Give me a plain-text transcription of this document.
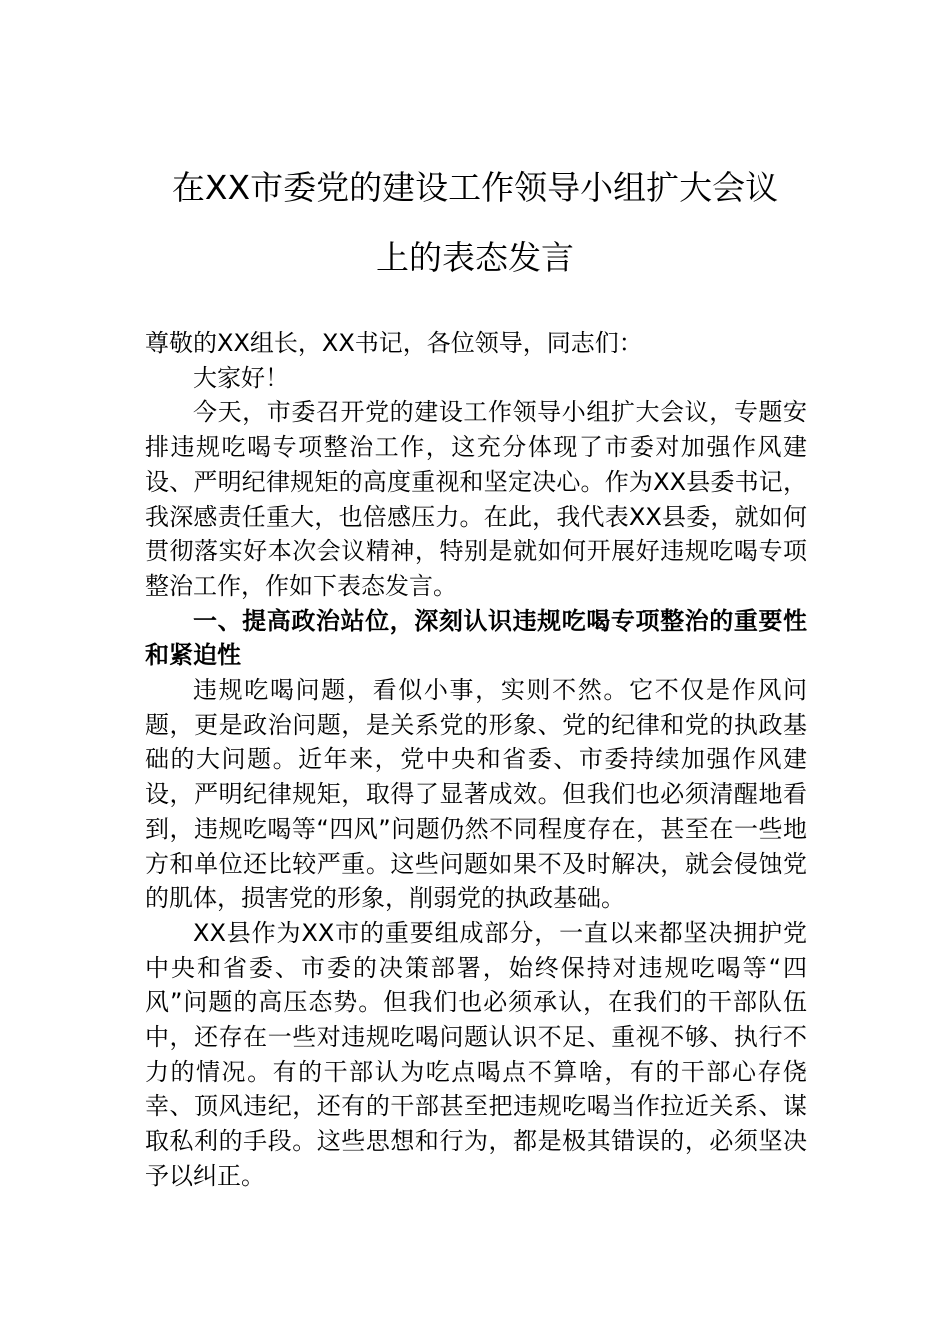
在XX市委党的建设工作领导小组扩大会议
上的表态发言

尊敬的XX组长，XX书记，各位领导，同志们：

大家好！

今天，市委召开党的建设工作领导小组扩大会议，专题安排违规吃喝专项整治工作，这充分体现了市委对加强作风建设、严明纪律规矩的高度重视和坚定决心。作为XX县委书记，我深感责任重大，也倍感压力。在此，我代表XX县委，就如何贯彻落实好本次会议精神，特别是就如何开展好违规吃喝专项整治工作，作如下表态发言。

一、提高政治站位，深刻认识违规吃喝专项整治的重要性和紧迫性

违规吃喝问题，看似小事，实则不然。它不仅是作风问题，更是政治问题，是关系党的形象、党的纪律和党的执政基础的大问题。近年来，党中央和省委、市委持续加强作风建设，严明纪律规矩，取得了显著成效。但我们也必须清醒地看到，违规吃喝等“四风”问题仍然不同程度存在，甚至在一些地方和单位还比较严重。这些问题如果不及时解决，就会侵蚀党的肌体，损害党的形象，削弱党的执政基础。

XX县作为XX市的重要组成部分，一直以来都坚决拥护党中央和省委、市委的决策部署，始终保持对违规吃喝等“四风”问题的高压态势。但我们也必须承认，在我们的干部队伍中，还存在一些对违规吃喝问题认识不足、重视不够、执行不力的情况。有的干部认为吃点喝点不算啥，有的干部心存侥幸、顶风违纪，还有的干部甚至把违规吃喝当作拉近关系、谋取私利的手段。这些思想和行为，都是极其错误的，必须坚决予以纠正。
